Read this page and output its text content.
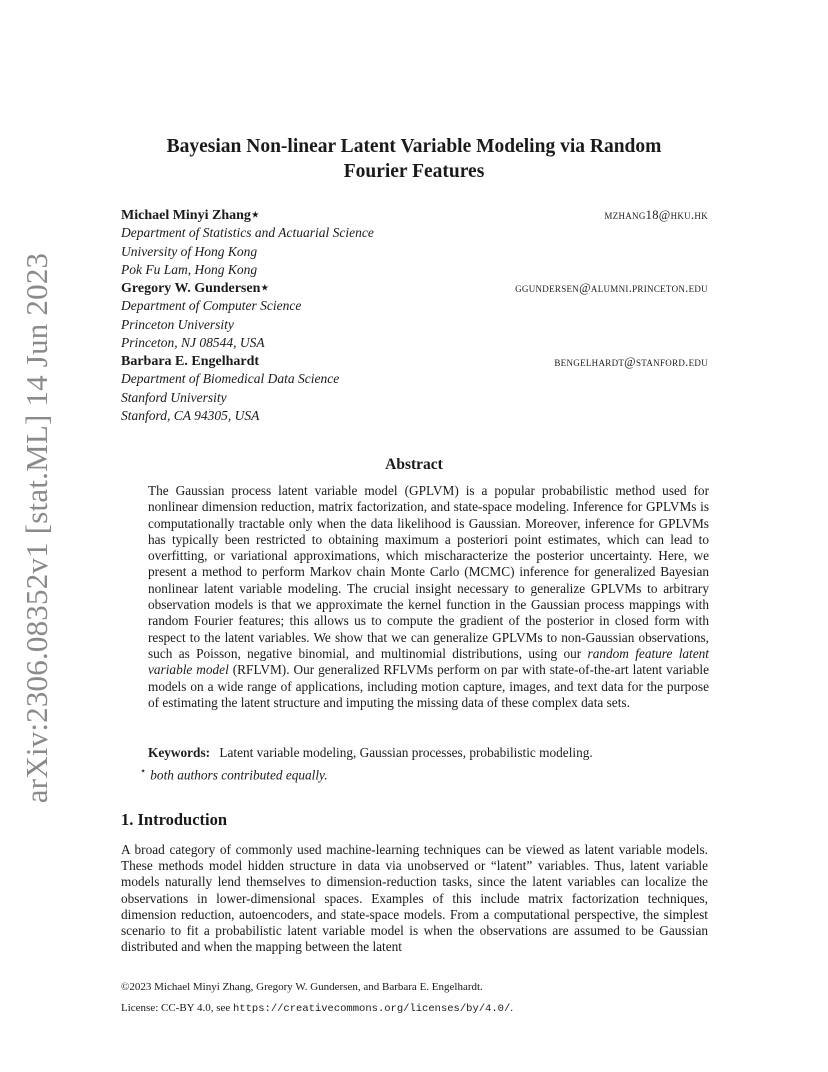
arXiv:2306.08352v1 [stat.ML] 14 Jun 2023
Bayesian Non-linear Latent Variable Modeling via Random
Fourier Features
Michael Minyi Zhang⋆	mzhang18@hku.hk
Department of Statistics and Actuarial Science
University of Hong Kong
Pok Fu Lam, Hong Kong
Gregory W. Gundersen⋆	ggundersen@alumni.princeton.edu
Department of Computer Science
Princeton University
Princeton, NJ 08544, USA
Barbara E. Engelhardt	bengelhardt@stanford.edu
Department of Biomedical Data Science
Stanford University
Stanford, CA 94305, USA
Abstract
The Gaussian process latent variable model (GPLVM) is a popular probabilistic method used for nonlinear dimension reduction, matrix factorization, and state-space modeling. Inference for GPLVMs is computationally tractable only when the data likelihood is Gaussian. Moreover, inference for GPLVMs has typically been restricted to obtaining maximum a posteriori point estimates, which can lead to overfitting, or variational approximations, which mischaracterize the posterior uncertainty. Here, we present a method to perform Markov chain Monte Carlo (MCMC) inference for generalized Bayesian nonlinear latent variable modeling. The crucial insight necessary to generalize GPLVMs to arbitrary observation models is that we approximate the kernel function in the Gaussian process mappings with random Fourier features; this allows us to compute the gradient of the posterior in closed form with respect to the latent variables. We show that we can generalize GPLVMs to non-Gaussian observations, such as Poisson, negative binomial, and multinomial distributions, using our random feature latent variable model (RFLVM). Our generalized RFLVMs perform on par with state-of-the-art latent variable models on a wide range of applications, including motion capture, images, and text data for the purpose of estimating the latent structure and imputing the missing data of these complex data sets.
Keywords: Latent variable modeling, Gaussian processes, probabilistic modeling.
⋆ both authors contributed equally.
1. Introduction
A broad category of commonly used machine-learning techniques can be viewed as latent variable models. These methods model hidden structure in data via unobserved or “latent” variables. Thus, latent variable models naturally lend themselves to dimension-reduction tasks, since the latent variables can localize the observations in lower-dimensional spaces. Examples of this include matrix factorization techniques, dimension reduction, autoencoders, and state-space models. From a computational perspective, the simplest scenario to fit a probabilistic latent variable model is when the observations are assumed to be Gaussian distributed and when the mapping between the latent
©2023 Michael Minyi Zhang, Gregory W. Gundersen, and Barbara E. Engelhardt.
License: CC-BY 4.0, see https://creativecommons.org/licenses/by/4.0/.
